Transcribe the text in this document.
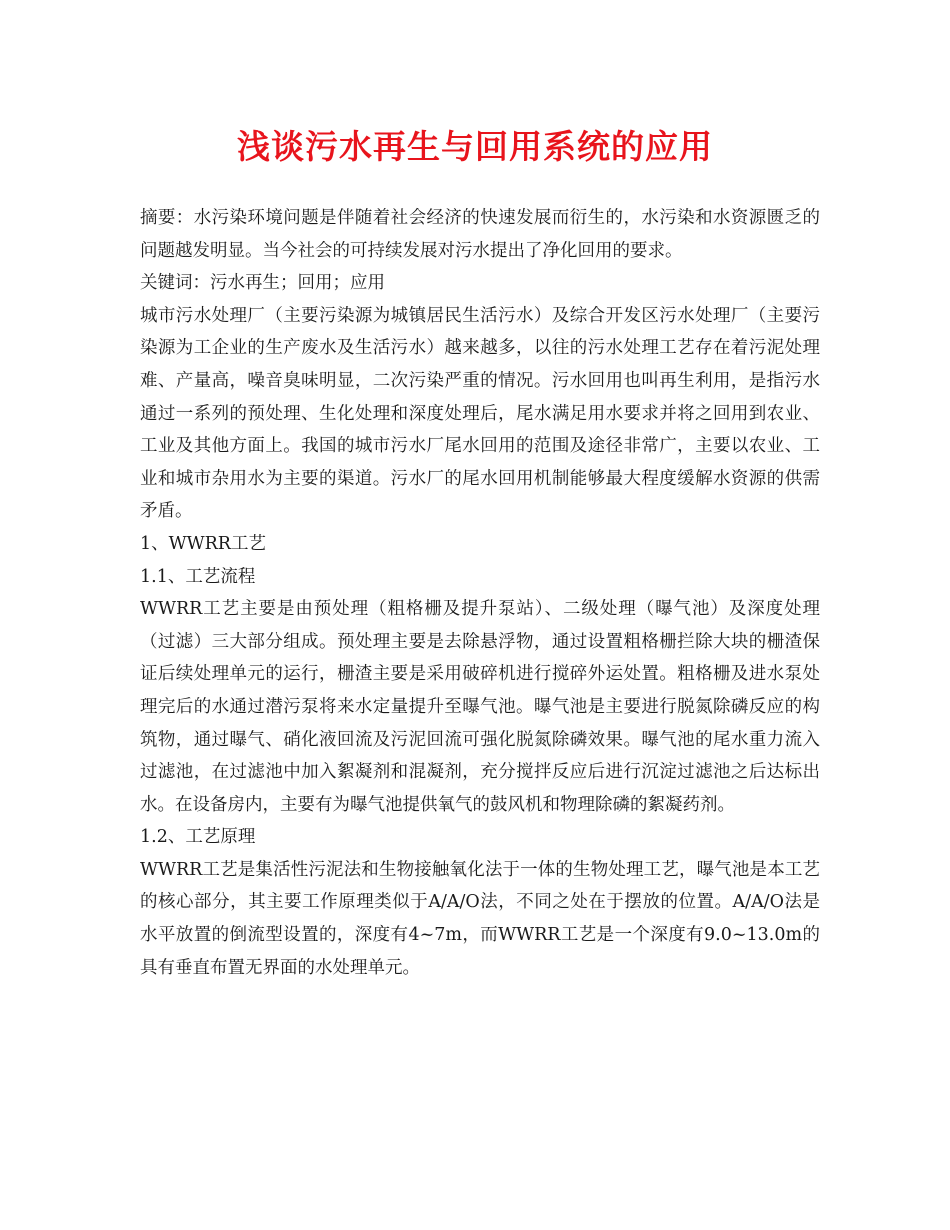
浅谈污水再生与回用系统的应用

摘要：水污染环境问题是伴随着社会经济的快速发展而衍生的，水污染和水资源匮乏的问题越发明显。当今社会的可持续发展对污水提出了净化回用的要求。

关键词：污水再生；回用；应用

城市污水处理厂（主要污染源为城镇居民生活污水）及综合开发区污水处理厂（主要污染源为工企业的生产废水及生活污水）越来越多，以往的污水处理工艺存在着污泥处理难、产量高，噪音臭味明显，二次污染严重的情况。污水回用也叫再生利用，是指污水通过一系列的预处理、生化处理和深度处理后，尾水满足用水要求并将之回用到农业、工业及其他方面上。我国的城市污水厂尾水回用的范围及途径非常广，主要以农业、工业和城市杂用水为主要的渠道。污水厂的尾水回用机制能够最大程度缓解水资源的供需矛盾。

1、WWRR工艺

1.1、工艺流程

WWRR工艺主要是由预处理（粗格栅及提升泵站）、二级处理（曝气池）及深度处理（过滤）三大部分组成。预处理主要是去除悬浮物，通过设置粗格栅拦除大块的栅渣保证后续处理单元的运行，栅渣主要是采用破碎机进行搅碎外运处置。粗格栅及进水泵处理完后的水通过潜污泵将来水定量提升至曝气池。曝气池是主要进行脱氮除磷反应的构筑物，通过曝气、硝化液回流及污泥回流可强化脱氮除磷效果。曝气池的尾水重力流入过滤池，在过滤池中加入絮凝剂和混凝剂，充分搅拌反应后进行沉淀过滤池之后达标出水。在设备房内，主要有为曝气池提供氧气的鼓风机和物理除磷的絮凝药剂。

1.2、工艺原理

WWRR工艺是集活性污泥法和生物接触氧化法于一体的生物处理工艺，曝气池是本工艺的核心部分，其主要工作原理类似于A/A/O法，不同之处在于摆放的位置。A/A/O法是水平放置的倒流型设置的，深度有4~7m，而WWRR工艺是一个深度有9.0~13.0m的具有垂直布置无界面的水处理单元。
